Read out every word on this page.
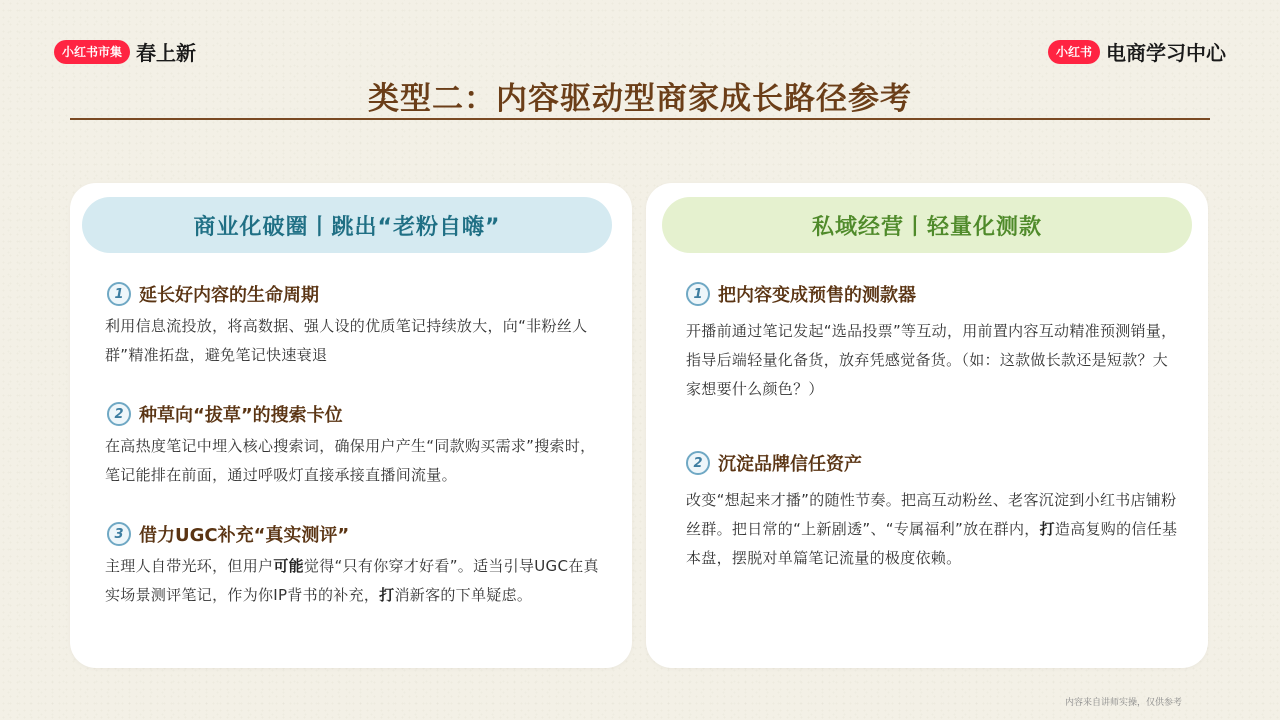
小红书市集 春上新	小红书 电商学习中心
类型二：内容驱动型商家成长路径参考
商业化破圈丨跳出“老粉自嗨”
1 延长好内容的生命周期
利用信息流投放，将高数据、强人设的优质笔记持续放大，向“非粉丝人群”精准拓盘，避免笔记快速衰退
2 种草向“拔草”的搜索卡位
在高热度笔记中埋入核心搜索词，确保用户产生“同款购买需求”搜索时，笔记能排在前面，通过呼吸灯直接承接直播间流量。
3 借力UGC补充“真实测评”
主理人自带光环，但用户可能觉得“只有你穿才好看”。适当引导UGC在真实场景测评笔记，作为你IP背书的补充，打消新客的下单疑虑。
私域经营丨轻量化测款
1 把内容变成预售的测款器
开播前通过笔记发起“选品投票”等互动，用前置内容互动精准预测销量，指导后端轻量化备货，放弃凭感觉备货。（如：这款做长款还是短款？大家想要什么颜色？）
2 沉淀品牌信任资产
改变“想起来才播”的随性节奏。把高互动粉丝、老客沉淀到小红书店铺粉丝群。把日常的“上新剧透”、“专属福利”放在群内，打造高复购的信任基本盘，摆脱对单篇笔记流量的极度依赖。
内容来自讲师实操，仅供参考
